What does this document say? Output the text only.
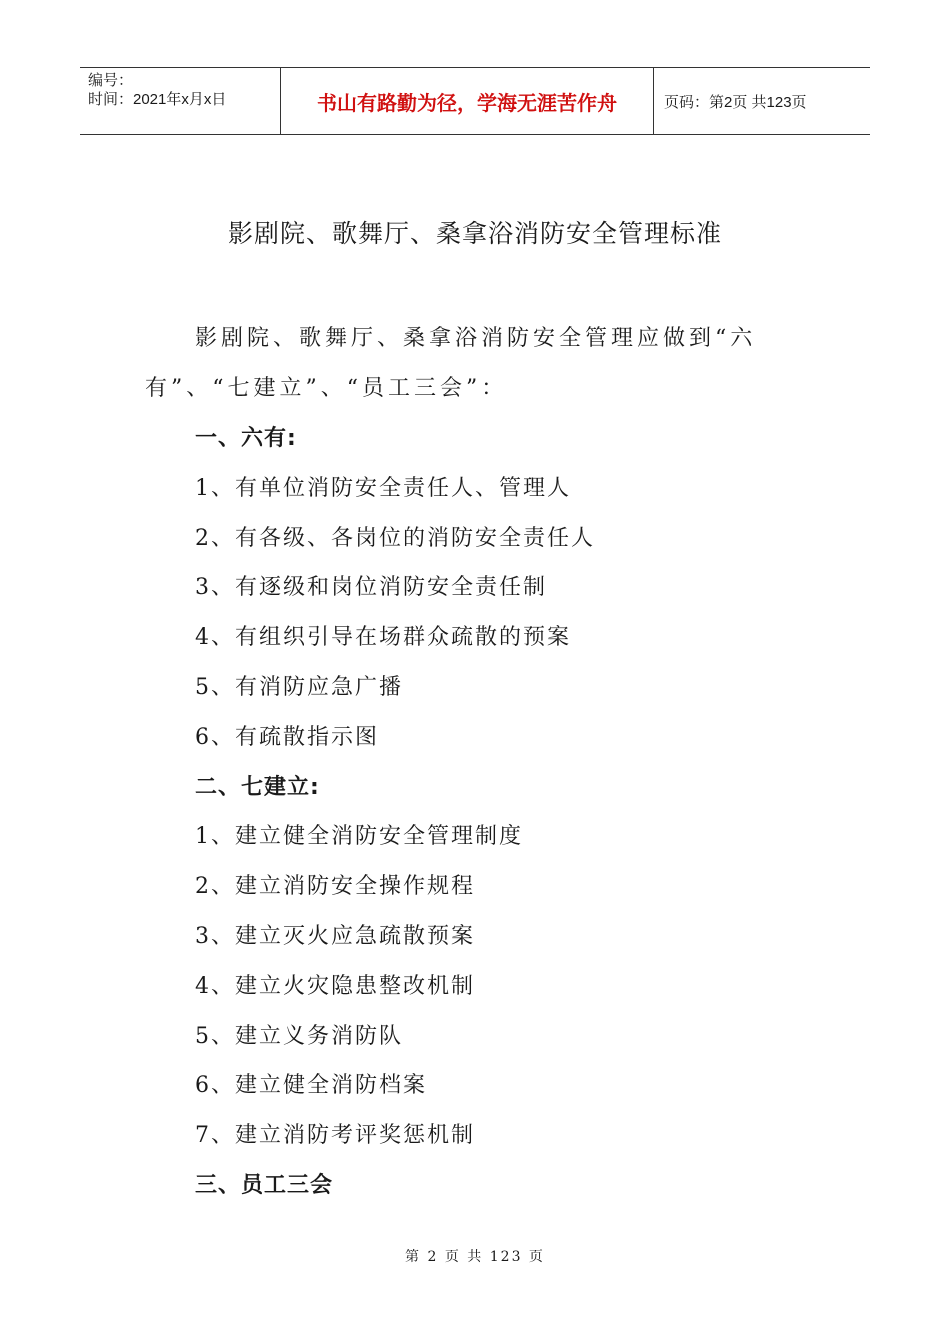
编号：
时间：2021年x月x日	书山有路勤为径，学海无涯苦作舟	页码：第2页 共123页
影剧院、歌舞厅、桑拿浴消防安全管理标准

影剧院、歌舞厅、桑拿浴消防安全管理应做到“六有”、“七建立”、“员工三会”：

一、六有:
1、有单位消防安全责任人、管理人
2、有各级、各岗位的消防安全责任人
3、有逐级和岗位消防安全责任制
4、有组织引导在场群众疏散的预案
5、有消防应急广播
6、有疏散指示图
二、七建立:
1、建立健全消防安全管理制度
2、建立消防安全操作规程
3、建立灭火应急疏散预案
4、建立火灾隐患整改机制
5、建立义务消防队
6、建立健全消防档案
7、建立消防考评奖惩机制
三、员工三会
第 2 页 共 123 页
